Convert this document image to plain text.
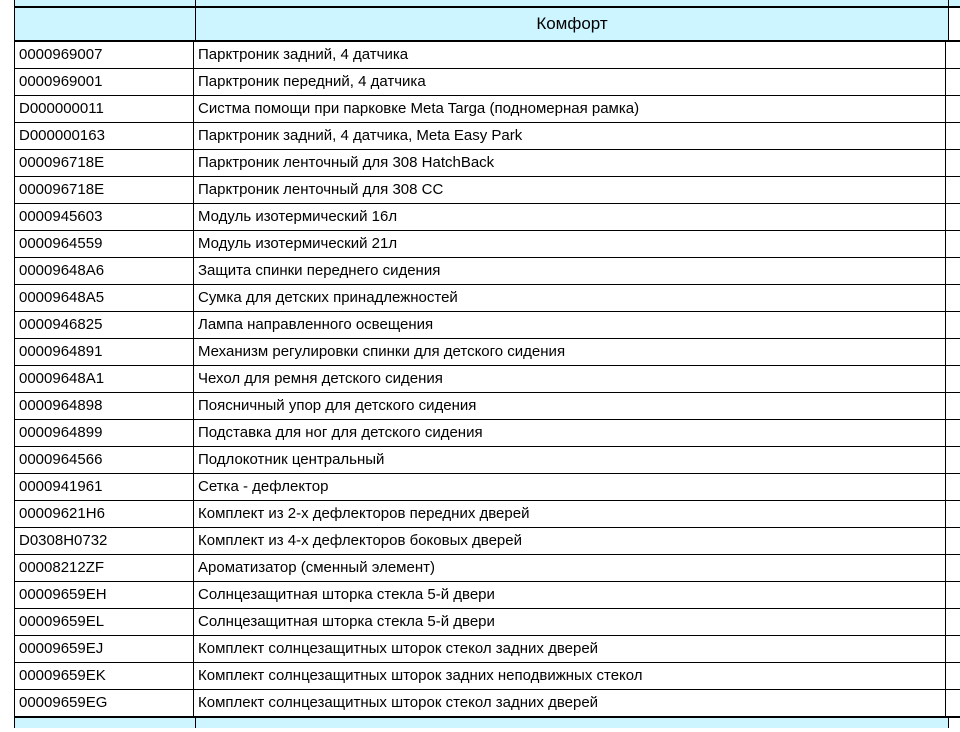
Комфорт
0000969007	Парктроник задний, 4 датчика
0000969001	Парктроник передний, 4 датчика
D000000011	Систма помощи при парковке Meta Targa (подномерная рамка)
D000000163	Парктроник задний, 4 датчика, Meta Easy Park
000096718E	Парктроник ленточный для 308 HatchBack
000096718E	Парктроник ленточный для 308 CC
0000945603	Модуль изотермический 16л
0000964559	Модуль изотермический 21л
00009648A6	Защита спинки переднего сидения
00009648A5	Сумка для детских принадлежностей
0000946825	Лампа направленного освещения
0000964891	Механизм регулировки спинки для детского сидения
00009648A1	Чехол для ремня детского сидения
0000964898	Поясничный упор для детского сидения
0000964899	Подставка для ног для детского сидения
0000964566	Подлокотник центральный
0000941961	Сетка - дефлектор
00009621H6	Комплект из 2-х дефлекторов передних дверей
D0308H0732	Комплект из 4-х дефлекторов боковых дверей
00008212ZF	Ароматизатор (сменный элемент)
00009659EH	Солнцезащитная шторка стекла 5-й двери
00009659EL	Солнцезащитная шторка стекла 5-й двери
00009659EJ	Комплект солнцезащитных шторок стекол задних дверей
00009659EK	Комплект солнцезащитных шторок задних неподвижных стекол
00009659EG	Комплект солнцезащитных шторок стекол задних дверей
